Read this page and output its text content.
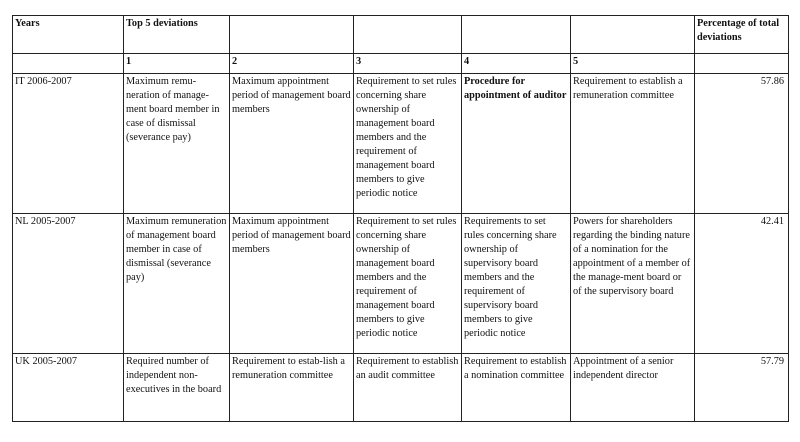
Years	Top 5 deviations					Percentage of total deviations
	1	2	3	4	5	
IT 2006-2007	Maximum remu-neration of manage-ment board member in case of dismissal (severance pay)	Maximum appointment period of management board members	Requirement to set rules concerning share ownership of management board members and the requirement of management board members to give periodic notice	Procedure for appointment of auditor	Requirement to establish a remuneration committee	57.86
NL 2005-2007	Maximum remuneration of management board member in case of dismissal (severance pay)	Maximum appointment period of management board members	Requirement to set rules concerning share ownership of management board members and the requirement of management board members to give periodic notice	Requirements to set rules concerning share ownership of supervisory board members and the requirement of supervisory board members to give periodic notice	Powers for shareholders regarding the binding nature of a nomination for the appointment of a member of the manage-ment board or of the supervisory board	42.41
UK 2005-2007	Required number of independent non-executives in the board	Requirement to estab-lish a remuneration committee	Requirement to establish an audit committee	Requirement to establish a nomination committee	Appointment of a senior independent director	57.79
